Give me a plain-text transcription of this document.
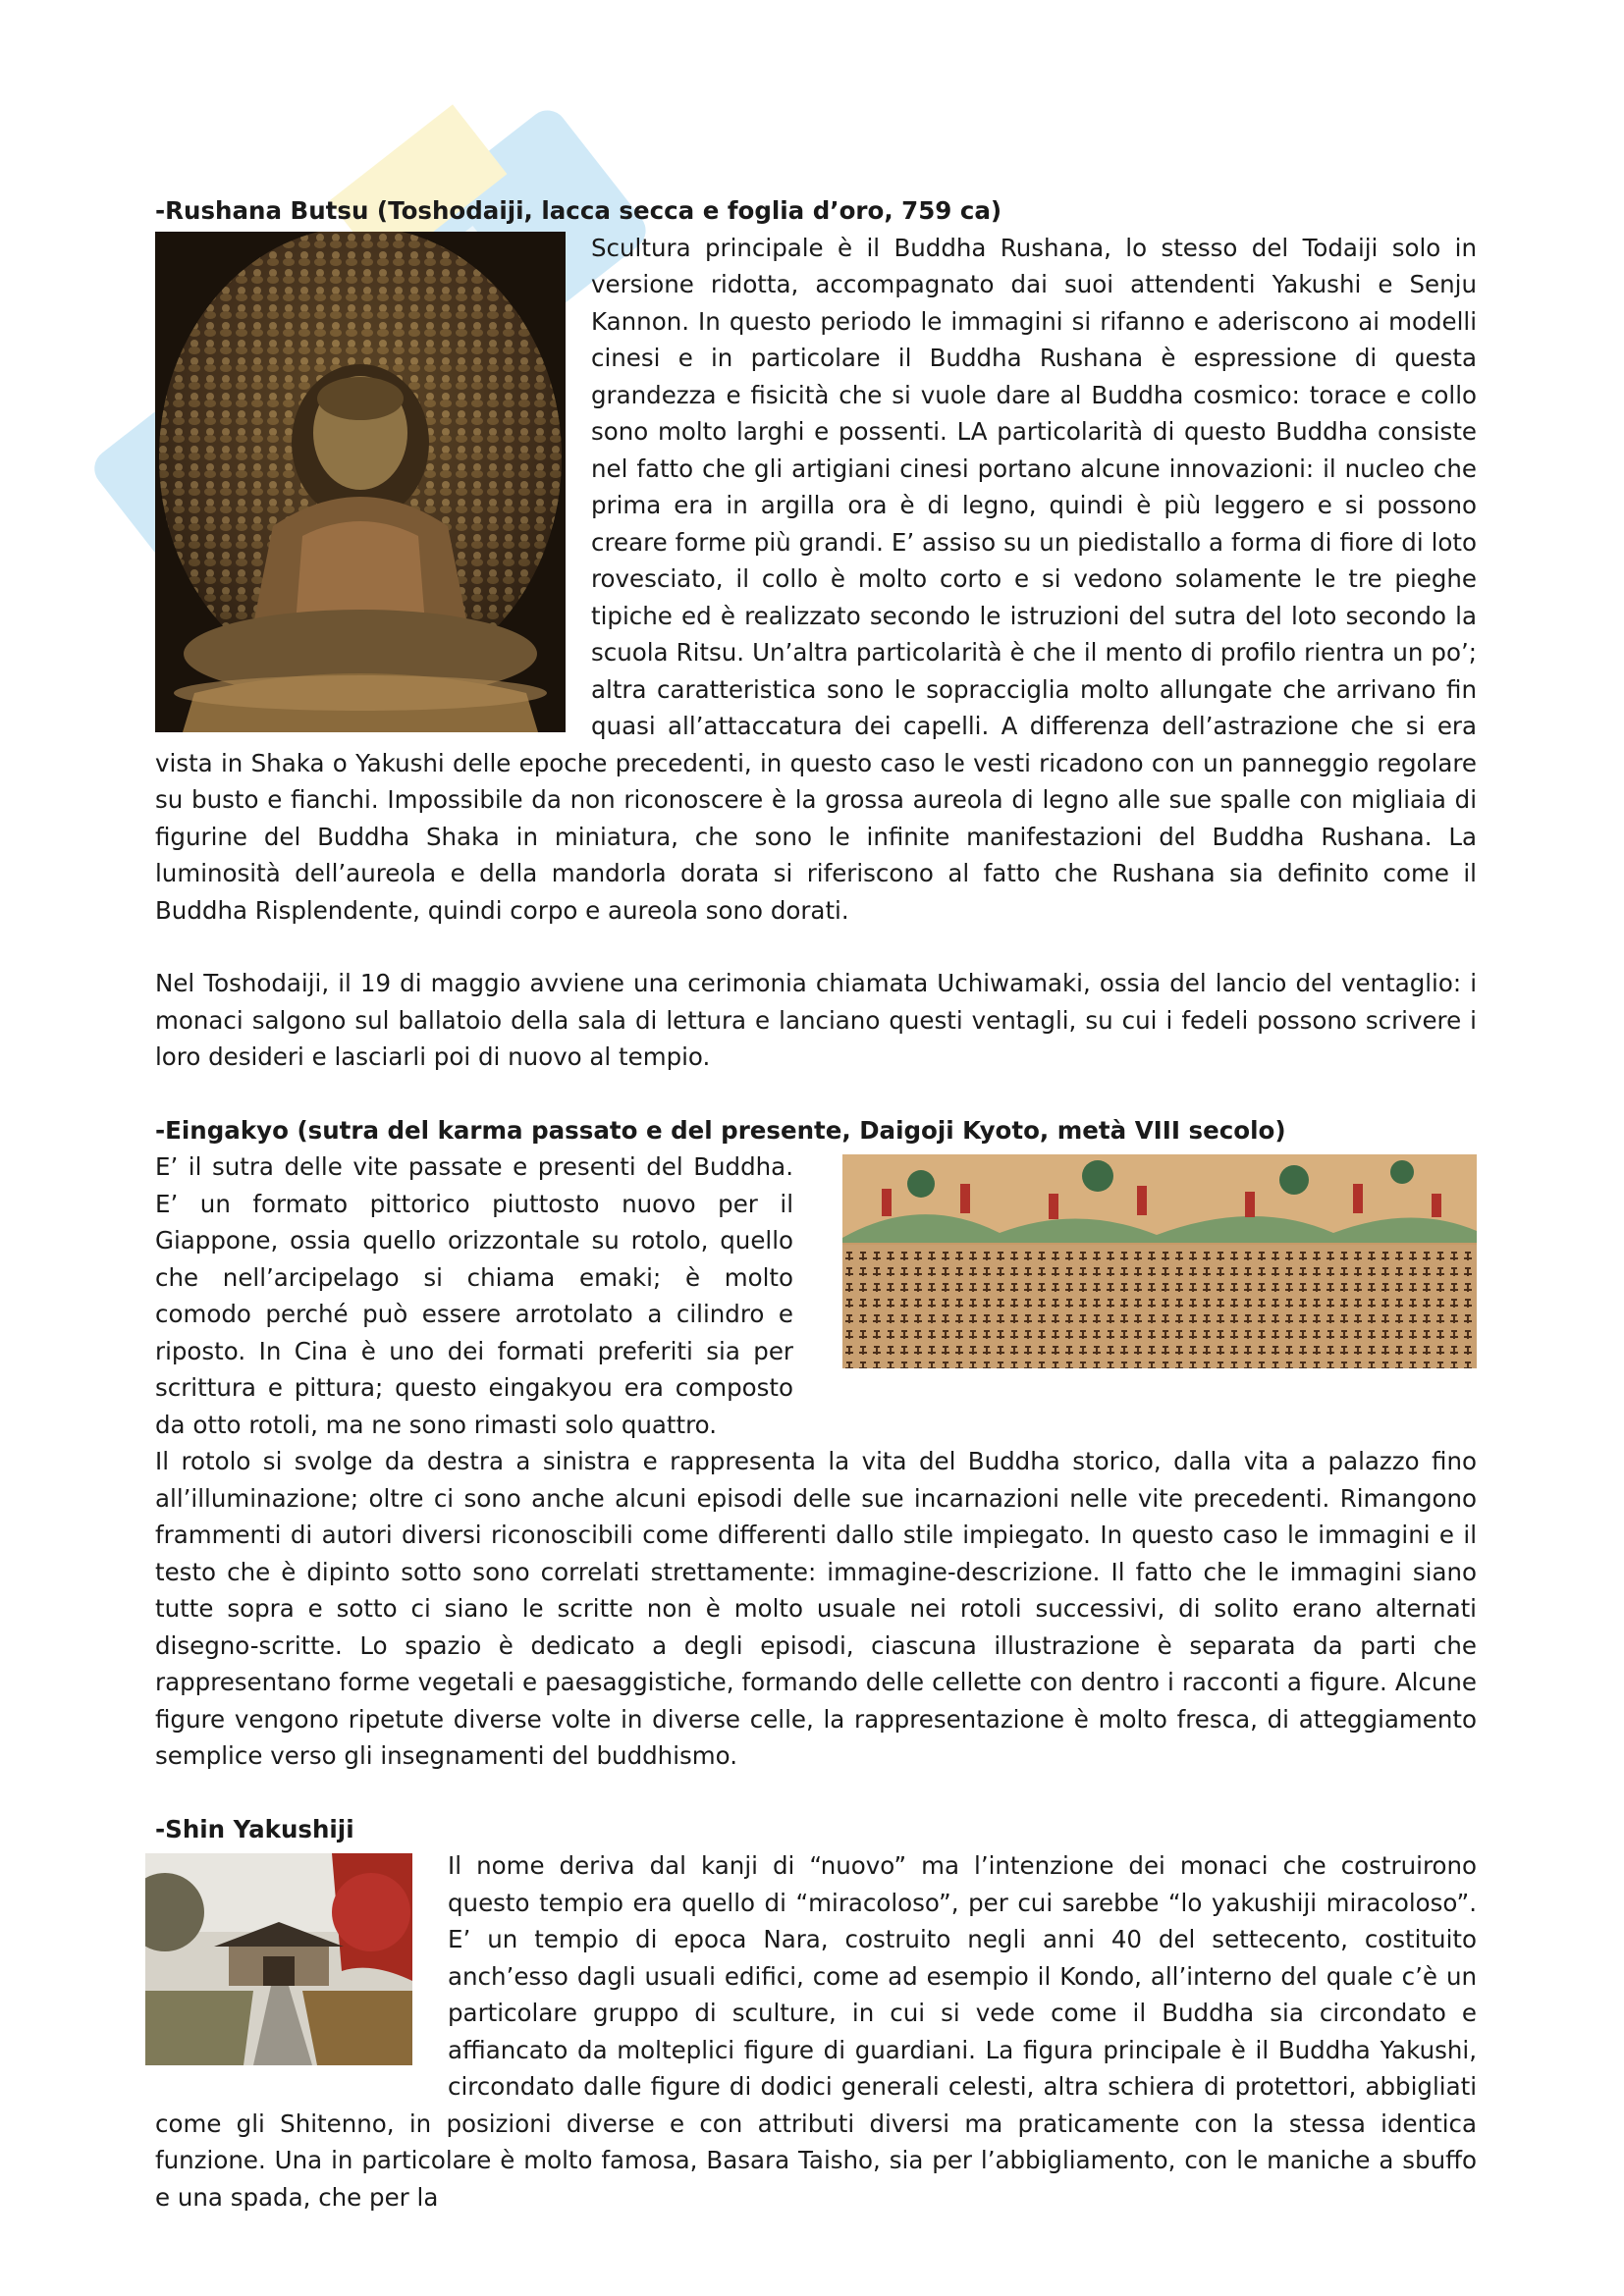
-Rushana Butsu (Toshodaiji, lacca secca e foglia d’oro, 759 ca)

Scultura principale è il Buddha Rushana, lo stesso del Todaiji solo in versione ridotta, accompagnato dai suoi attendenti Yakushi e Senju Kannon. In questo periodo le immagini si rifanno e aderiscono ai modelli cinesi e in particolare il Buddha Rushana è espressione di questa grandezza e fisicità che si vuole dare al Buddha cosmico: torace e collo sono molto larghi e possenti. LA particolarità di questo Buddha consiste nel fatto che gli artigiani cinesi portano alcune innovazioni: il nucleo che prima era in argilla ora è di legno, quindi è più leggero e si possono creare forme più grandi. E’ assiso su un piedistallo a forma di fiore di loto rovesciato, il collo è molto corto e si vedono solamente le tre pieghe tipiche ed è realizzato secondo le istruzioni del sutra del loto secondo la scuola Ritsu. Un’altra particolarità è che il mento di profilo rientra un po’; altra caratteristica sono le sopracciglia molto allungate che arrivano fin quasi all’attaccatura dei capelli. A differenza dell’astrazione che si era vista in Shaka o Yakushi delle epoche precedenti, in questo caso le vesti ricadono con un panneggio regolare su busto e fianchi. Impossibile da non riconoscere è la grossa aureola di legno alle sue spalle con migliaia di figurine del Buddha Shaka in miniatura, che sono le infinite manifestazioni del Buddha Rushana. La luminosità dell’aureola e della mandorla dorata si riferiscono al fatto che Rushana sia definito come il Buddha Risplendente, quindi corpo e aureola sono dorati.

Nel Toshodaiji, il 19 di maggio avviene una cerimonia chiamata Uchiwamaki, ossia del lancio del ventaglio: i monaci salgono sul ballatoio della sala di lettura e lanciano questi ventagli, su cui i fedeli possono scrivere i loro desideri e lasciarli poi di nuovo al tempio.

-Eingakyo (sutra del karma passato e del presente, Daigoji Kyoto, metà VIII secolo)

E’ il sutra delle vite passate e presenti del Buddha. E’ un formato pittorico piuttosto nuovo per il Giappone, ossia quello orizzontale su rotolo, quello che nell’arcipelago si chiama emaki; è molto comodo perché può essere arrotolato a cilindro e riposto. In Cina è uno dei formati preferiti sia per scrittura e pittura; questo eingakyou era composto da otto rotoli, ma ne sono rimasti solo quattro.

Il rotolo si svolge da destra a sinistra e rappresenta la vita del Buddha storico, dalla vita a palazzo fino all’illuminazione; oltre ci sono anche alcuni episodi delle sue incarnazioni nelle vite precedenti. Rimangono frammenti di autori diversi riconoscibili come differenti dallo stile impiegato. In questo caso le immagini e il testo che è dipinto sotto sono correlati strettamente: immagine-descrizione. Il fatto che le immagini siano tutte sopra e sotto ci siano le scritte non è molto usuale nei rotoli successivi, di solito erano alternati disegno-scritte. Lo spazio è dedicato a degli episodi, ciascuna illustrazione è separata da parti che rappresentano forme vegetali e paesaggistiche, formando delle cellette con dentro i racconti a figure. Alcune figure vengono ripetute diverse volte in diverse celle, la rappresentazione è molto fresca, di atteggiamento semplice verso gli insegnamenti del buddhismo.

-Shin Yakushiji

Il nome deriva dal kanji di “nuovo” ma l’intenzione dei monaci che costruirono questo tempio era quello di “miracoloso”, per cui sarebbe “lo yakushiji miracoloso”. E’ un tempio di epoca Nara, costruito negli anni 40 del settecento, costituito anch’esso dagli usuali edifici, come ad esempio il Kondo, all’interno del quale c’è un particolare gruppo di sculture, in cui si vede come il Buddha sia circondato e affiancato da molteplici figure di guardiani. La figura principale è il Buddha Yakushi, circondato dalle figure di dodici generali celesti, altra schiera di protettori, abbigliati come gli Shitenno, in posizioni diverse e con attributi diversi ma praticamente con la stessa identica funzione. Una in particolare è molto famosa, Basara Taisho, sia per l’abbigliamento, con le maniche a sbuffo e una spada, che per la
